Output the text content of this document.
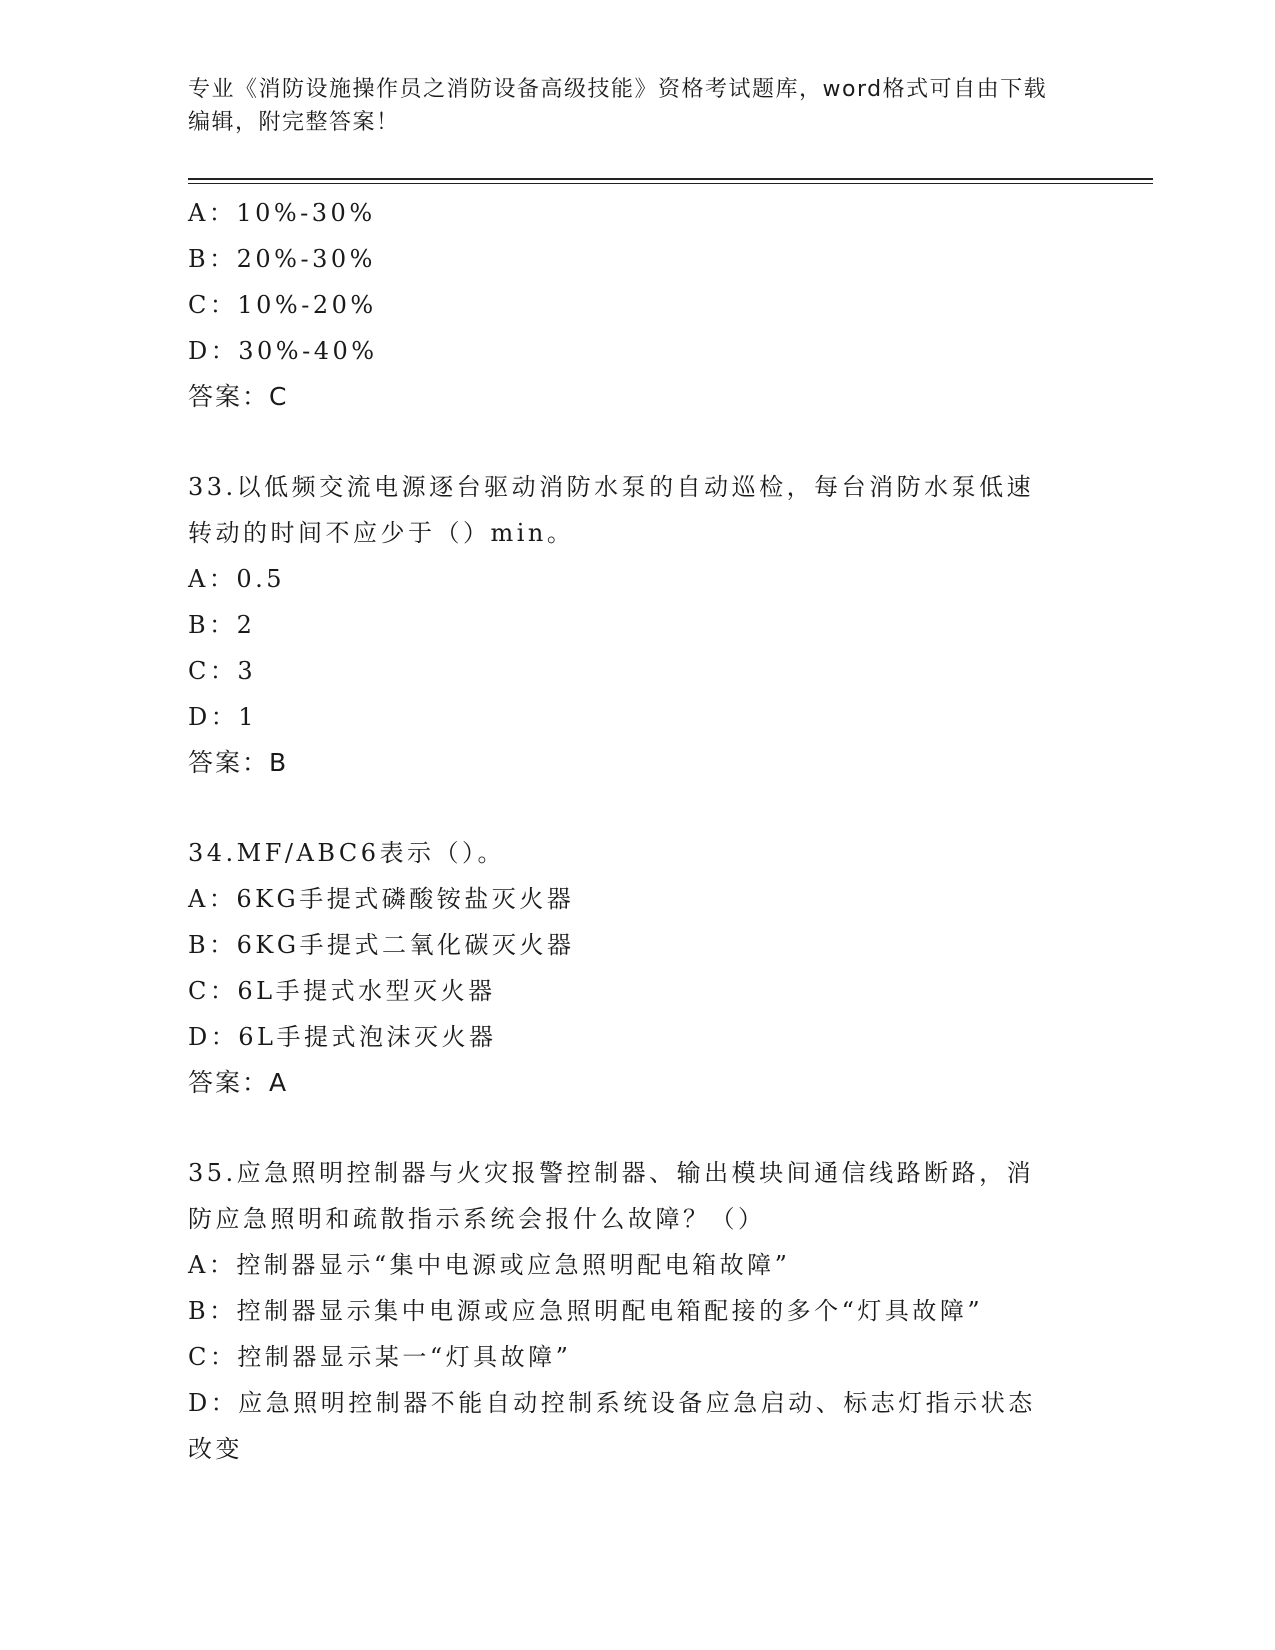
专业《消防设施操作员之消防设备高级技能》资格考试题库，word格式可自由下载编辑，附完整答案！
A：10%-30%
B：20%-30%
C：10%-20%
D：30%-40%
答案：C
33.以低频交流电源逐台驱动消防水泵的自动巡检，每台消防水泵低速
转动的时间不应少于（）min。
A：0.5
B：2
C：3
D：1
答案：B
34.MF/ABC6表示（）。
A：6KG手提式磷酸铵盐灭火器
B：6KG手提式二氧化碳灭火器
C：6L手提式水型灭火器
D：6L手提式泡沫灭火器
答案：A
35.应急照明控制器与火灾报警控制器、输出模块间通信线路断路，消
防应急照明和疏散指示系统会报什么故障？（）
A：控制器显示“集中电源或应急照明配电箱故障”
B：控制器显示集中电源或应急照明配电箱配接的多个“灯具故障”
C：控制器显示某一“灯具故障”
D：应急照明控制器不能自动控制系统设备应急启动、标志灯指示状态
改变
